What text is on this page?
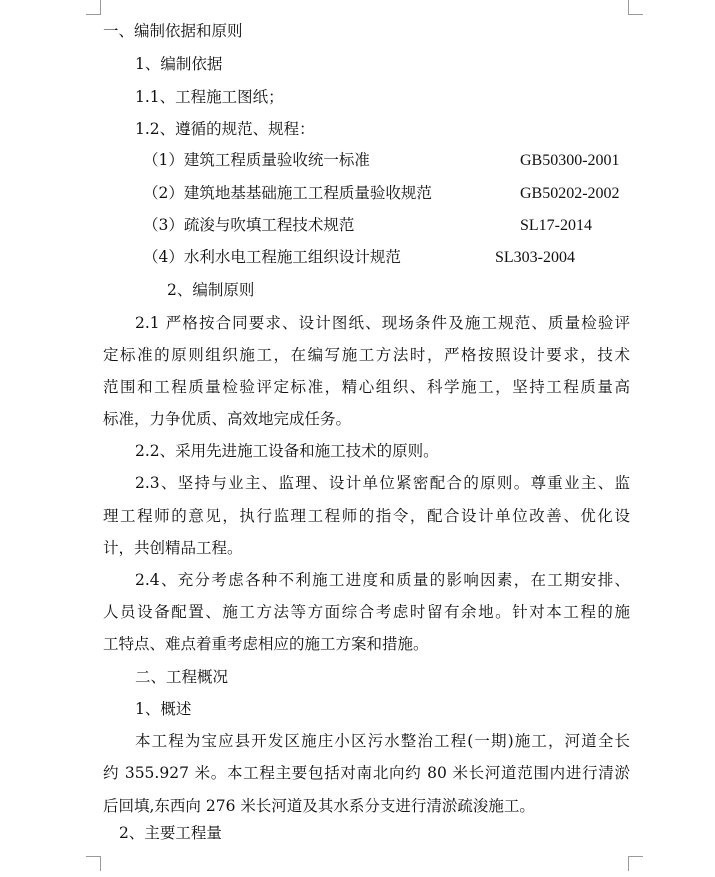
一、编制依据和原则
1、编制依据
1.1、工程施工图纸；
1.2、遵循的规范、规程：
（1）建筑工程质量验收统一标准	GB50300-2001
（2）建筑地基基础施工工程质量验收规范	GB50202-2002
（3）疏浚与吹填工程技术规范	SL17-2014
（4）水利水电工程施工组织设计规范	SL303-2004
2、编制原则
2.1 严格按合同要求、设计图纸、现场条件及施工规范、质量检验评
定标准的原则组织施工，在编写施工方法时，严格按照设计要求，技术
范围和工程质量检验评定标准，精心组织、科学施工，坚持工程质量高
标准，力争优质、高效地完成任务。
2.2、采用先进施工设备和施工技术的原则。
2.3、坚持与业主、监理、设计单位紧密配合的原则。尊重业主、监
理工程师的意见，执行监理工程师的指令，配合设计单位改善、优化设
计，共创精品工程。
2.4、充分考虑各种不利施工进度和质量的影响因素，在工期安排、
人员设备配置、施工方法等方面综合考虑时留有余地。针对本工程的施
工特点、难点着重考虑相应的施工方案和措施。
二、工程概况
1、概述
本工程为宝应县开发区施庄小区污水整治工程(一期)施工，河道全长
约 355.927 米。本工程主要包括对南北向约 80 米长河道范围内进行清淤
后回填,东西向 276 米长河道及其水系分支进行清淤疏浚施工。
2、主要工程量
